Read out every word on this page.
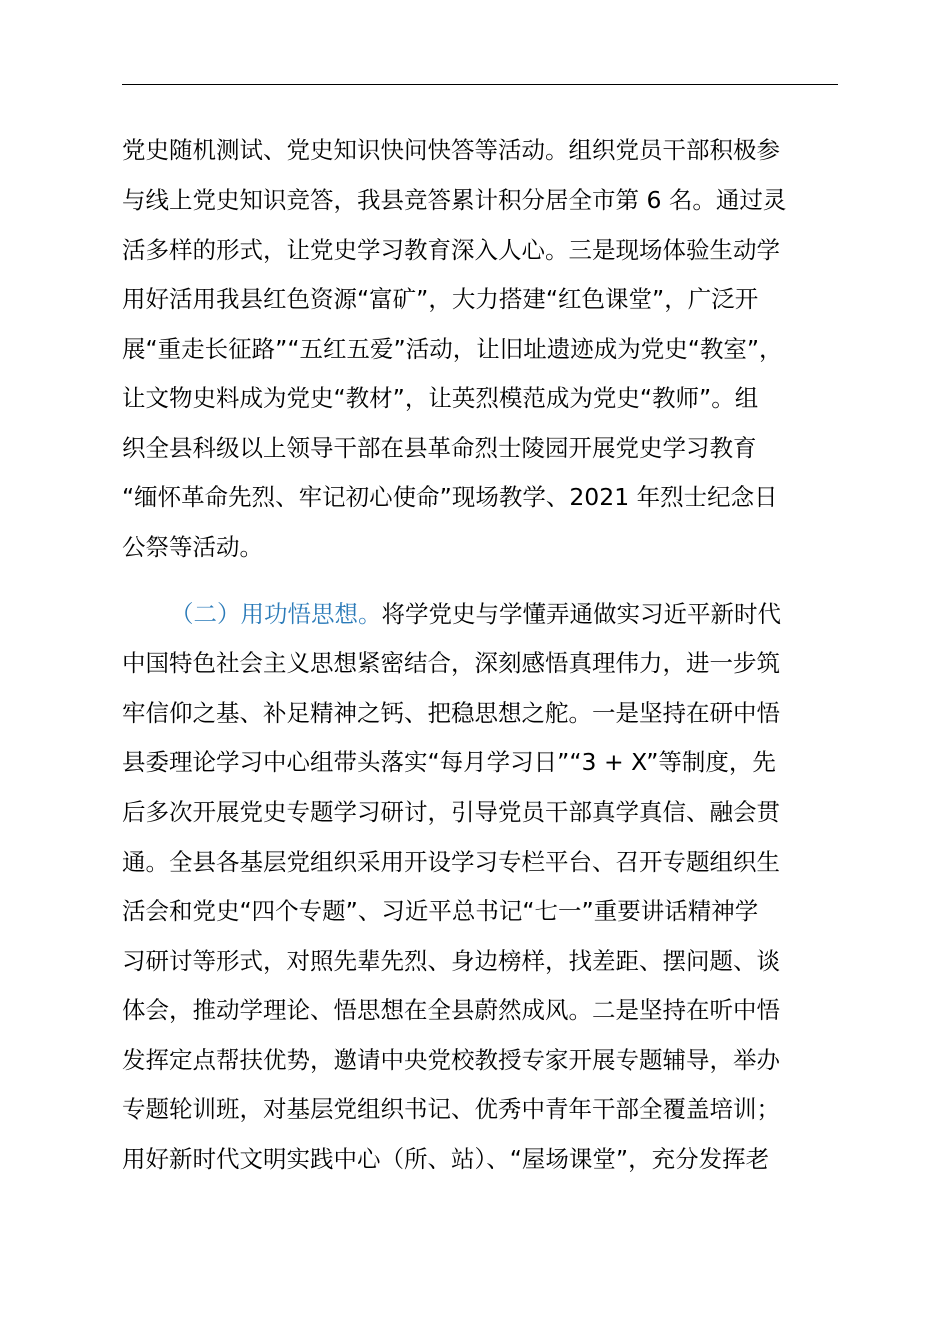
党史随机测试、党史知识快问快答等活动。组织党员干部积极参
与线上党史知识竞答，我县竞答累计积分居全市第 6 名。通过灵
活多样的形式，让党史学习教育深入人心。三是现场体验生动学
用好活用我县红色资源“富矿”，大力搭建“红色课堂”，广泛开
展“重走长征路”“五红五爱”活动，让旧址遗迹成为党史“教室”，
让文物史料成为党史“教材”，让英烈模范成为党史“教师”。组
织全县科级以上领导干部在县革命烈士陵园开展党史学习教育
“缅怀革命先烈、牢记初心使命”现场教学、2021 年烈士纪念日
公祭等活动。
（二）用功悟思想。将学党史与学懂弄通做实习近平新时代
中国特色社会主义思想紧密结合，深刻感悟真理伟力，进一步筑
牢信仰之基、补足精神之钙、把稳思想之舵。一是坚持在研中悟
县委理论学习中心组带头落实“每月学习日”“3 + X”等制度，先
后多次开展党史专题学习研讨，引导党员干部真学真信、融会贯
通。全县各基层党组织采用开设学习专栏平台、召开专题组织生
活会和党史“四个专题”、习近平总书记“七一”重要讲话精神学
习研讨等形式，对照先辈先烈、身边榜样，找差距、摆问题、谈
体会，推动学理论、悟思想在全县蔚然成风。二是坚持在听中悟
发挥定点帮扶优势，邀请中央党校教授专家开展专题辅导，举办
专题轮训班，对基层党组织书记、优秀中青年干部全覆盖培训；
用好新时代文明实践中心（所、站）、“屋场课堂”，充分发挥老
